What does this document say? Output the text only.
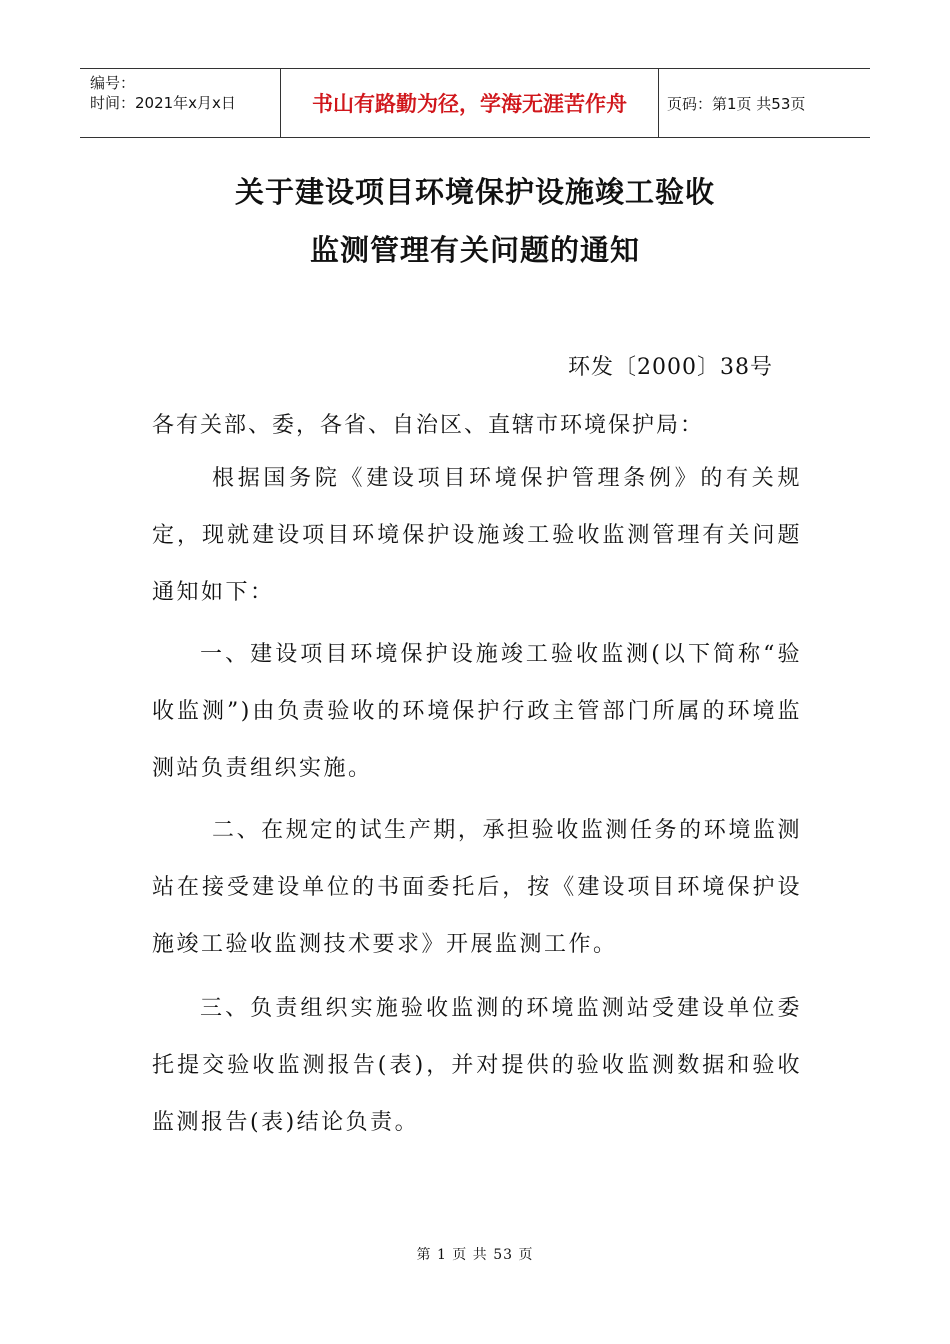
编号：
时间：2021年x月x日	书山有路勤为径，学海无涯苦作舟	页码：第1页 共53页
关于建设项目环境保护设施竣工验收
监测管理有关问题的通知
环发〔2000〕38号
各有关部、委，各省、自治区、直辖市环境保护局：
根据国务院《建设项目环境保护管理条例》的有关规定，现就建设项目环境保护设施竣工验收监测管理有关问题通知如下：
一、建设项目环境保护设施竣工验收监测(以下简称“验收监测”)由负责验收的环境保护行政主管部门所属的环境监测站负责组织实施。
二、在规定的试生产期，承担验收监测任务的环境监测站在接受建设单位的书面委托后，按《建设项目环境保护设施竣工验收监测技术要求》开展监测工作。
三、负责组织实施验收监测的环境监测站受建设单位委托提交验收监测报告(表)，并对提供的验收监测数据和验收监测报告(表)结论负责。
第 1 页 共 53 页
